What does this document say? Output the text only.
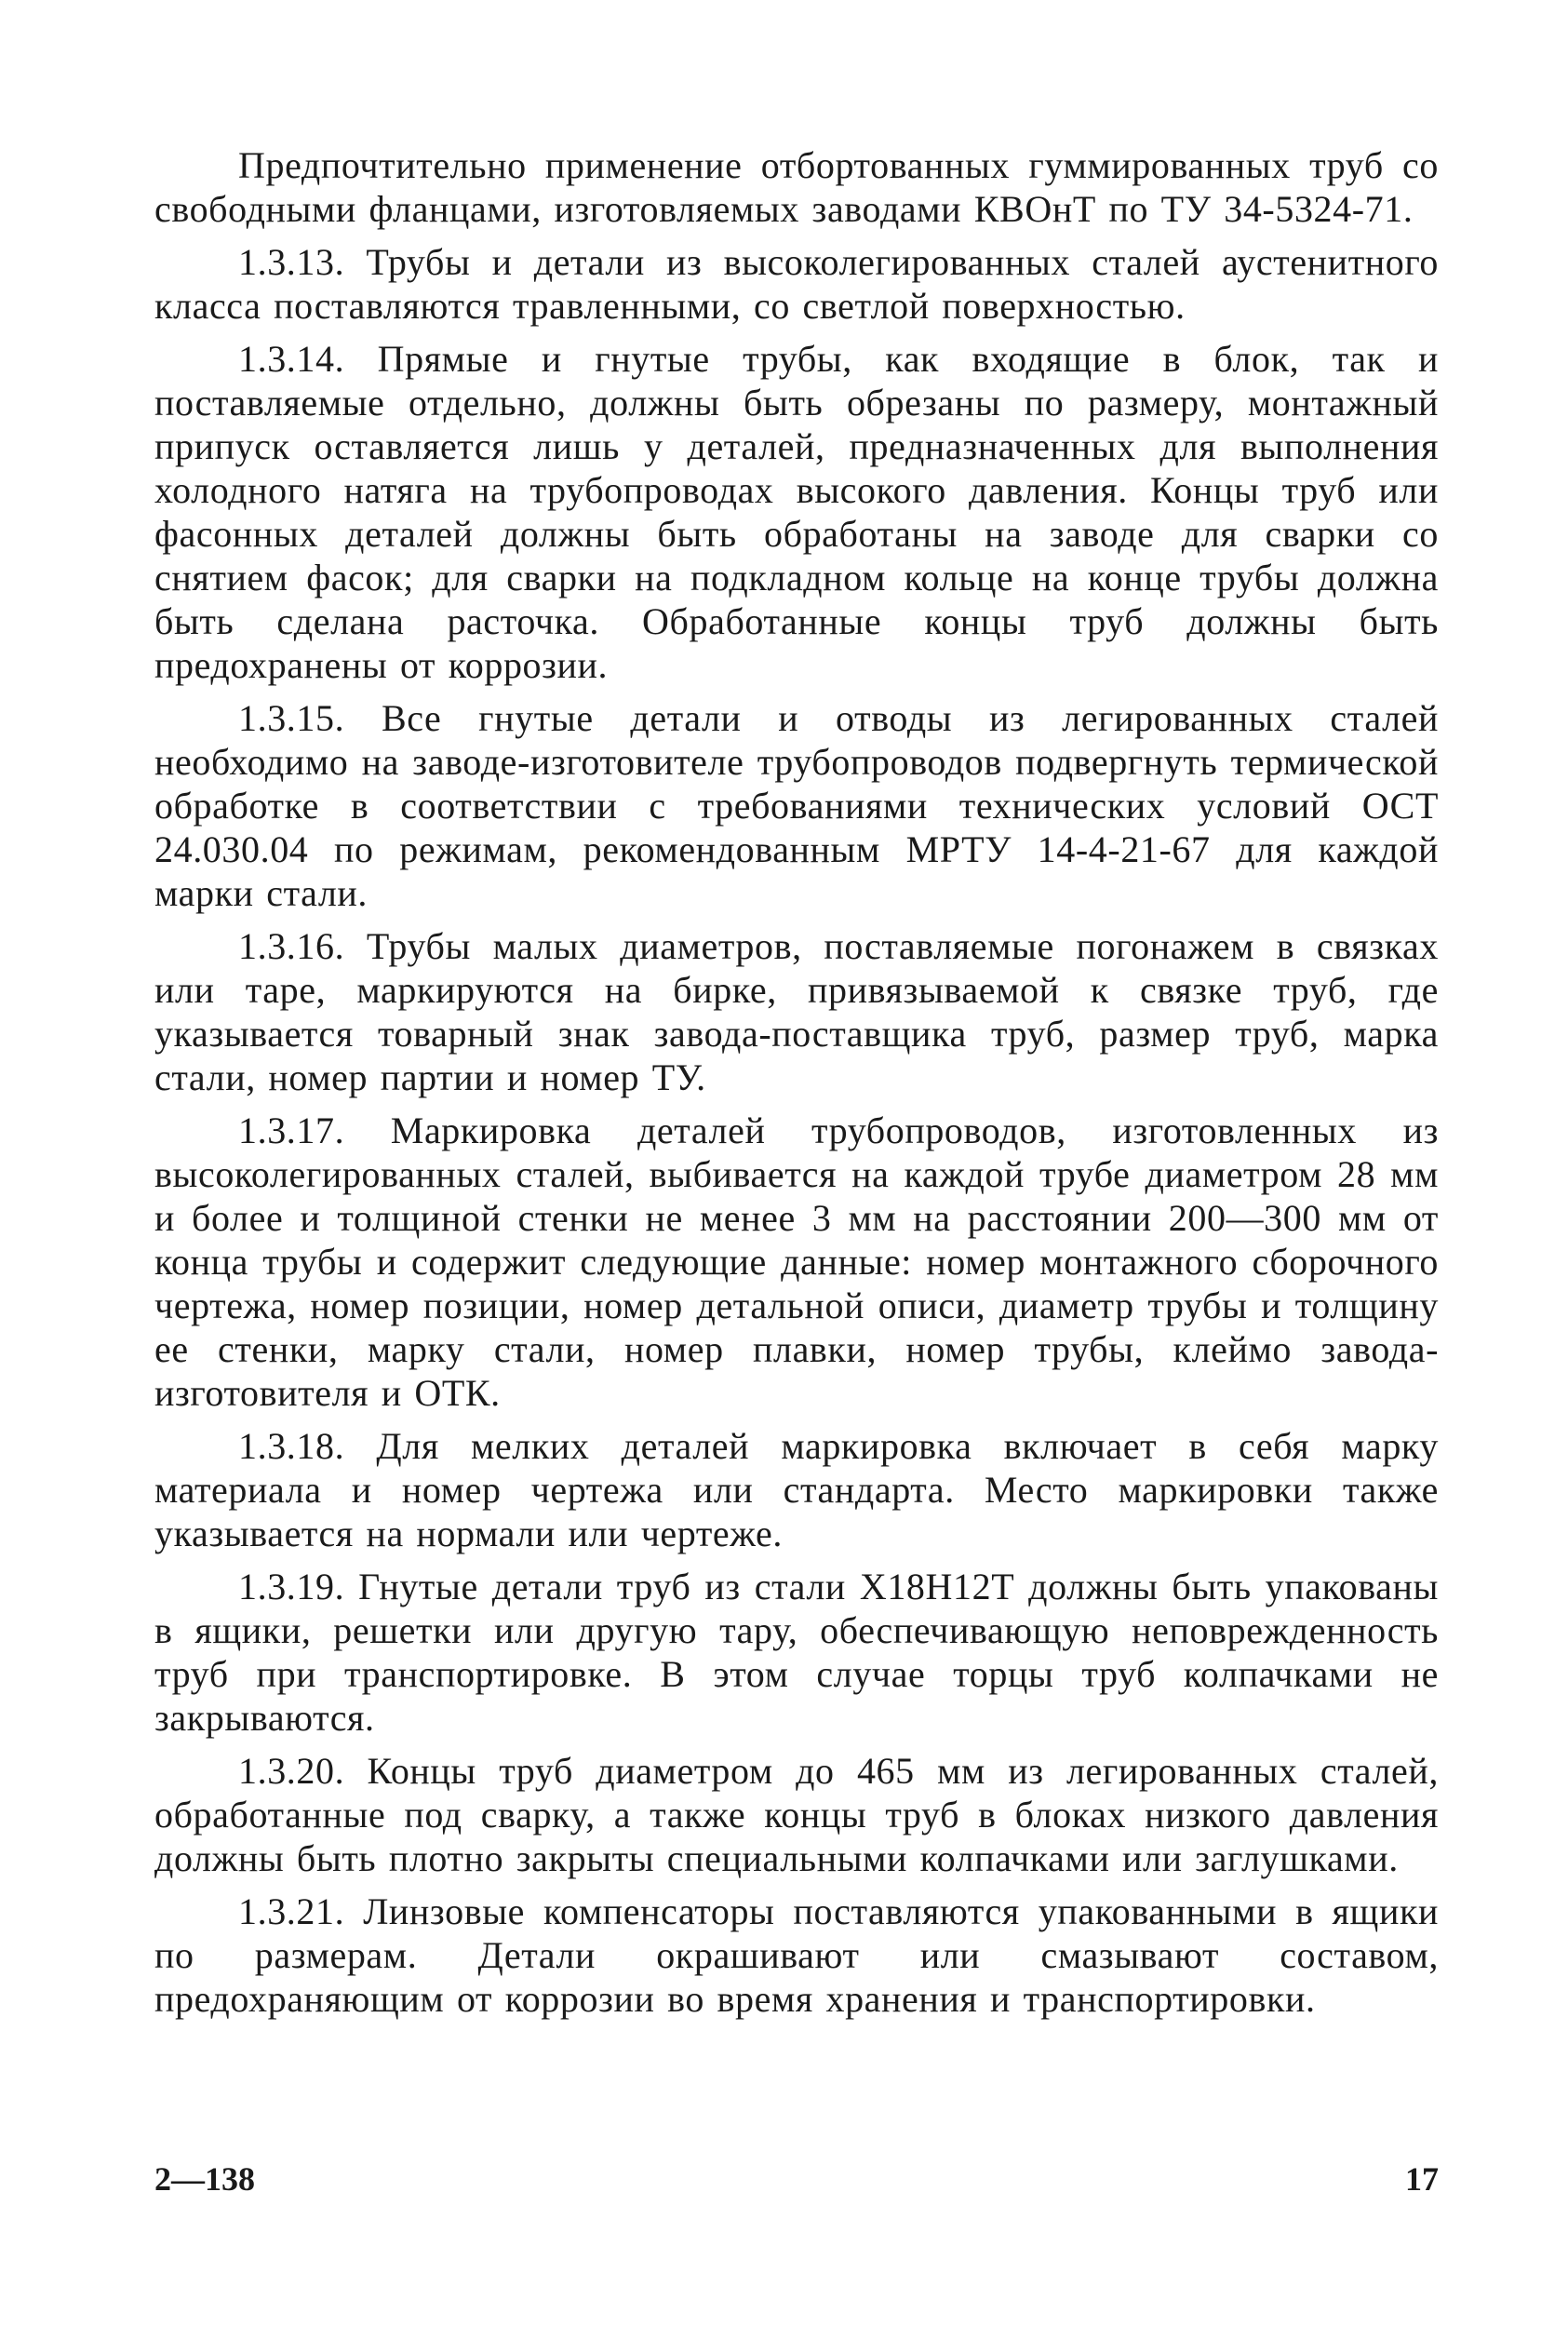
Предпочтительно применение отбортованных гуммированных труб со свободными фланцами, изготовляемых заводами КВОнТ по ТУ 34-5324-71.

1.3.13. Трубы и детали из высоколегированных сталей аустенитного класса поставляются травленными, со светлой поверхностью.

1.3.14. Прямые и гнутые трубы, как входящие в блок, так и поставляемые отдельно, должны быть обрезаны по размеру, монтажный припуск оставляется лишь у деталей, предназначенных для выполнения холодного натяга на трубопроводах высокого давления. Концы труб или фасонных деталей должны быть обработаны на заводе для сварки со снятием фасок; для сварки на подкладном кольце на конце трубы должна быть сделана расточка. Обработанные концы труб должны быть предохранены от коррозии.

1.3.15. Все гнутые детали и отводы из легированных сталей необходимо на заводе-изготовителе трубопроводов подвергнуть термической обработке в соответствии с требованиями технических условий ОСТ 24.030.04 по режимам, рекомендованным МРТУ 14-4-21-67 для каждой марки стали.

1.3.16. Трубы малых диаметров, поставляемые погонажем в связках или таре, маркируются на бирке, привязываемой к связке труб, где указывается товарный знак завода-поставщика труб, размер труб, марка стали, номер партии и номер ТУ.

1.3.17. Маркировка деталей трубопроводов, изготовленных из высоколегированных сталей, выбивается на каждой трубе диаметром 28 мм и более и толщиной стенки не менее 3 мм на расстоянии 200—300 мм от конца трубы и содержит следующие данные: номер монтажного сборочного чертежа, номер позиции, номер детальной описи, диаметр трубы и толщину ее стенки, марку стали, номер плавки, номер трубы, клеймо завода-изготовителя и ОТК.

1.3.18. Для мелких деталей маркировка включает в себя марку материала и номер чертежа или стандарта. Место маркировки также указывается на нормали или чертеже.

1.3.19. Гнутые детали труб из стали Х18Н12Т должны быть упакованы в ящики, решетки или другую тару, обеспечивающую неповрежденность труб при транспортировке. В этом случае торцы труб колпачками не закрываются.

1.3.20. Концы труб диаметром до 465 мм из легированных сталей, обработанные под сварку, а также концы труб в блоках низкого давления должны быть плотно закрыты специальными колпачками или заглушками.

1.3.21. Линзовые компенсаторы поставляются упакованными в ящики по размерам. Детали окрашивают или смазывают составом, предохраняющим от коррозии во время хранения и транспортировки.

2—138	17
